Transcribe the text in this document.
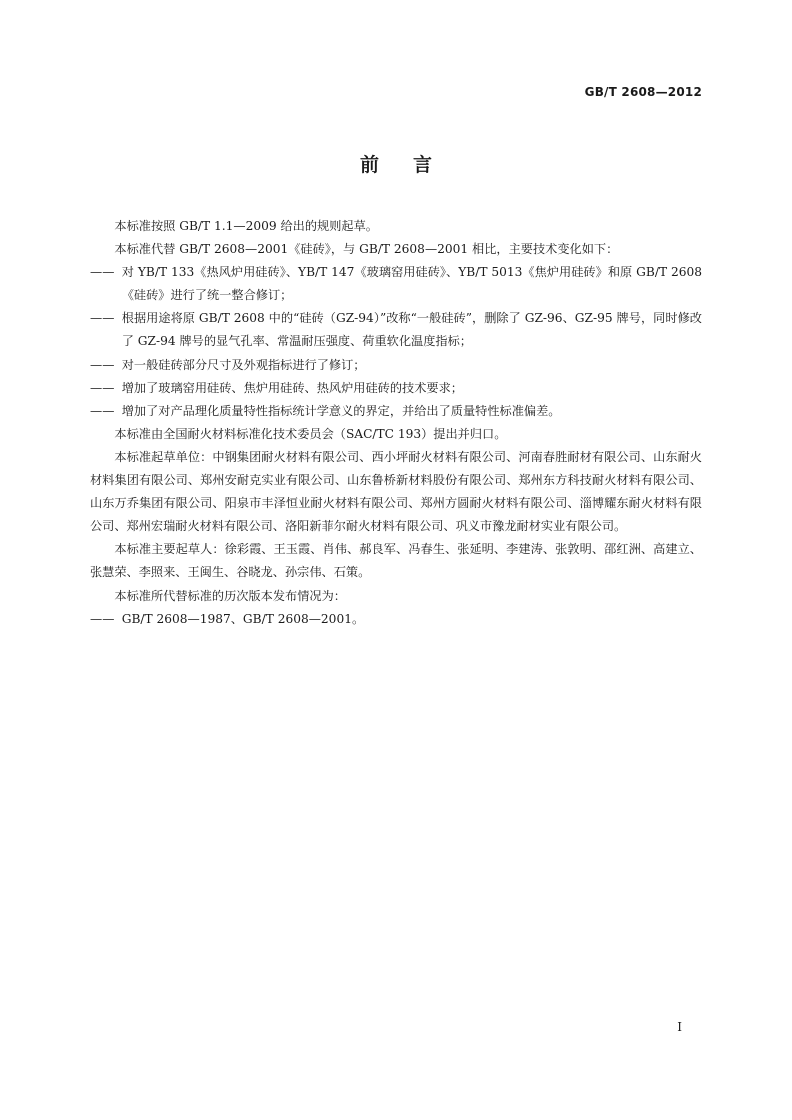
GB/T 2608—2012
前言

本标准按照 GB/T 1.1—2009 给出的规则起草。

本标准代替 GB/T 2608—2001《硅砖》，与 GB/T 2608—2001 相比，主要技术变化如下：

—— 对 YB/T 133《热风炉用硅砖》、YB/T 147《玻璃窑用硅砖》、YB/T 5013《焦炉用硅砖》和原 GB/T 2608《硅砖》进行了统一整合修订；

—— 根据用途将原 GB/T 2608 中的“硅砖（GZ-94）”改称“一般硅砖”，删除了 GZ-96、GZ-95 牌号，同时修改了 GZ-94 牌号的显气孔率、常温耐压强度、荷重软化温度指标；

—— 对一般硅砖部分尺寸及外观指标进行了修订；

—— 增加了玻璃窑用硅砖、焦炉用硅砖、热风炉用硅砖的技术要求；

—— 增加了对产品理化质量特性指标统计学意义的界定，并给出了质量特性标准偏差。

本标准由全国耐火材料标准化技术委员会（SAC/TC 193）提出并归口。

本标准起草单位：中钢集团耐火材料有限公司、西小坪耐火材料有限公司、河南春胜耐材有限公司、山东耐火材料集团有限公司、郑州安耐克实业有限公司、山东鲁桥新材料股份有限公司、郑州东方科技耐火材料有限公司、山东万乔集团有限公司、阳泉市丰泽恒业耐火材料有限公司、郑州方圆耐火材料有限公司、淄博耀东耐火材料有限公司、郑州宏瑞耐火材料有限公司、洛阳新菲尔耐火材料有限公司、巩义市豫龙耐材实业有限公司。

本标准主要起草人：徐彩霞、王玉霞、肖伟、郝良军、冯春生、张延明、李建涛、张敦明、邵红洲、高建立、张慧荣、李照来、王闽生、谷晓龙、孙宗伟、石策。

本标准所代替标准的历次版本发布情况为：

—— GB/T 2608—1987、GB/T 2608—2001。

I
